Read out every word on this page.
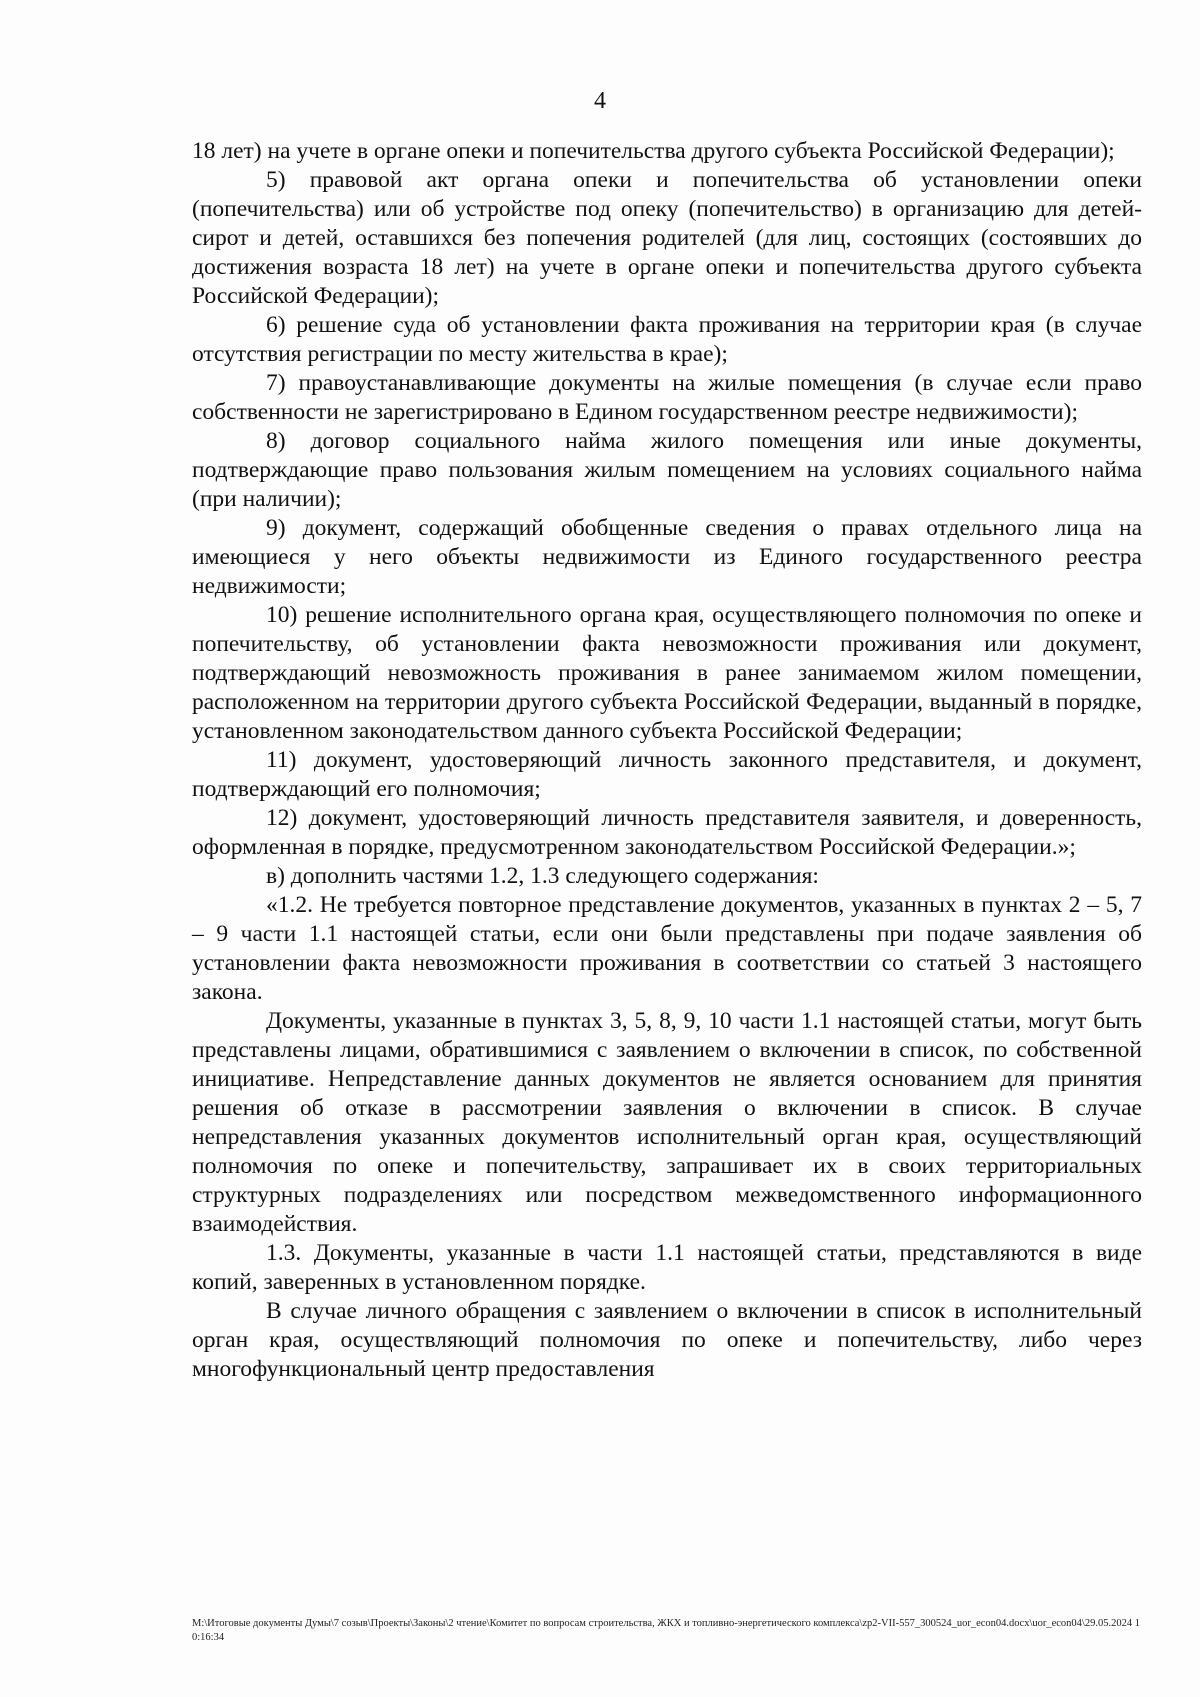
4

18 лет) на учете в органе опеки и попечительства другого субъекта Российской Федерации);

5) правовой акт органа опеки и попечительства об установлении опеки (попечительства) или об устройстве под опеку (попечительство) в организацию для детей-сирот и детей, оставшихся без попечения родителей (для лиц, состоящих (состоявших до достижения возраста 18 лет) на учете в органе опеки и попечительства другого субъекта Российской Федерации);

6) решение суда об установлении факта проживания на территории края (в случае отсутствия регистрации по месту жительства в крае);

7) правоустанавливающие документы на жилые помещения (в случае если право собственности не зарегистрировано в Едином государственном реестре недвижимости);

8) договор социального найма жилого помещения или иные документы, подтверждающие право пользования жилым помещением на условиях социального найма (при наличии);

9) документ, содержащий обобщенные сведения о правах отдельного лица на имеющиеся у него объекты недвижимости из Единого государственного реестра недвижимости;

10) решение исполнительного органа края, осуществляющего полномочия по опеке и попечительству, об установлении факта невозможности проживания или документ, подтверждающий невозможность проживания в ранее занимаемом жилом помещении, расположенном на территории другого субъекта Российской Федерации, выданный в порядке, установленном законодательством данного субъекта Российской Федерации;

11) документ, удостоверяющий личность законного представителя, и документ, подтверждающий его полномочия;

12) документ, удостоверяющий личность представителя заявителя, и доверенность, оформленная в порядке, предусмотренном законодательством Российской Федерации.»;

в) дополнить частями 1.2, 1.3 следующего содержания:

«1.2. Не требуется повторное представление документов, указанных в пунктах 2 – 5, 7 – 9 части 1.1 настоящей статьи, если они были представлены при подаче заявления об установлении факта невозможности проживания в соответствии со статьей 3 настоящего закона.

Документы, указанные в пунктах 3, 5, 8, 9, 10 части 1.1 настоящей статьи, могут быть представлены лицами, обратившимися с заявлением о включении в список, по собственной инициативе. Непредставление данных документов не является основанием для принятия решения об отказе в рассмотрении заявления о включении в список. В случае непредставления указанных документов исполнительный орган края, осуществляющий полномочия по опеке и попечительству, запрашивает их в своих территориальных структурных подразделениях или посредством межведомственного информационного взаимодействия.

1.3. Документы, указанные в части 1.1 настоящей статьи, представляются в виде копий, заверенных в установленном порядке.

В случае личного обращения с заявлением о включении в список в исполнительный орган края, осуществляющий полномочия по опеке и попечительству, либо через многофункциональный центр предоставления

М:\Итоговые документы Думы\7 созыв\Проекты\Законы\2 чтение\Комитет по вопросам строительства, ЖКХ и топливно-энергетического комплекса\zp2-VII-557_300524_uor_econ04.docx\uor_econ04\29.05.2024 10:16:34
